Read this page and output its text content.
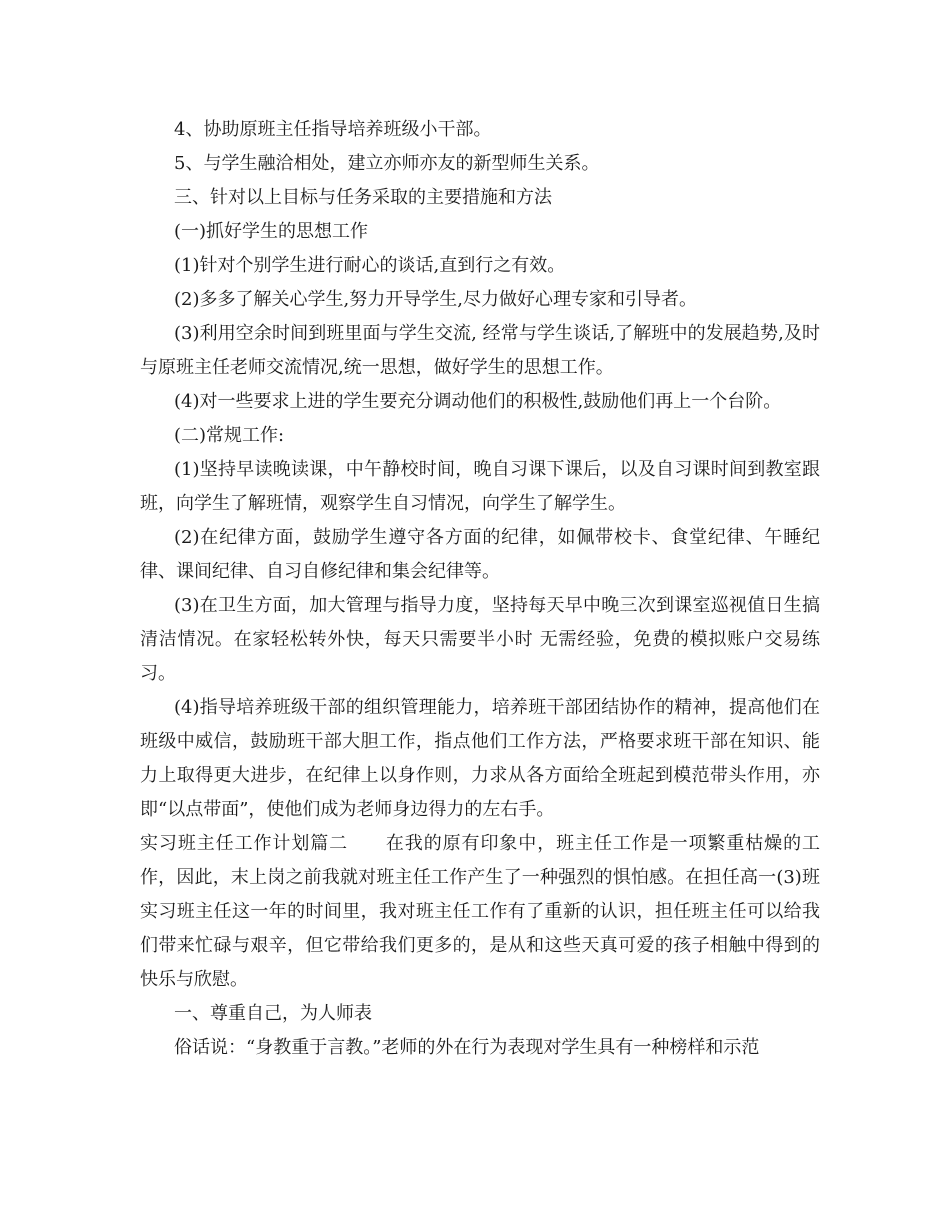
4、协助原班主任指导培养班级小干部。

5、与学生融洽相处，建立亦师亦友的新型师生关系。

三、针对以上目标与任务采取的主要措施和方法

(一)抓好学生的思想工作

(1)针对个别学生进行耐心的谈话,直到行之有效。

(2)多多了解关心学生,努力开导学生,尽力做好心理专家和引导者。

(3)利用空余时间到班里面与学生交流, 经常与学生谈话,了解班中的发展趋势,及时与原班主任老师交流情况,统一思想，做好学生的思想工作。

(4)对一些要求上进的学生要充分调动他们的积极性,鼓励他们再上一个台阶。

(二)常规工作:

(1)坚持早读晚读课，中午静校时间，晚自习课下课后，以及自习课时间到教室跟班，向学生了解班情，观察学生自习情况，向学生了解学生。

(2)在纪律方面，鼓励学生遵守各方面的纪律，如佩带校卡、食堂纪律、午睡纪律、课间纪律、自习自修纪律和集会纪律等。

(3)在卫生方面，加大管理与指导力度，坚持每天早中晚三次到课室巡视值日生搞清洁情况。在家轻松转外快，每天只需要半小时 无需经验，免费的模拟账户交易练习。

(4)指导培养班级干部的组织管理能力，培养班干部团结协作的精神，提高他们在班级中威信，鼓励班干部大胆工作，指点他们工作方法，严格要求班干部在知识、能力上取得更大进步，在纪律上以身作则，力求从各方面给全班起到模范带头作用，亦即“以点带面”，使他们成为老师身边得力的左右手。

实习班主任工作计划篇二　　在我的原有印象中，班主任工作是一项繁重枯燥的工作，因此，末上岗之前我就对班主任工作产生了一种强烈的惧怕感。在担任高一(3)班实习班主任这一年的时间里，我对班主任工作有了重新的认识，担任班主任可以给我们带来忙碌与艰辛，但它带给我们更多的，是从和这些天真可爱的孩子相触中得到的快乐与欣慰。

一、尊重自己，为人师表

俗话说：“身教重于言教。”老师的外在行为表现对学生具有一种榜样和示范
